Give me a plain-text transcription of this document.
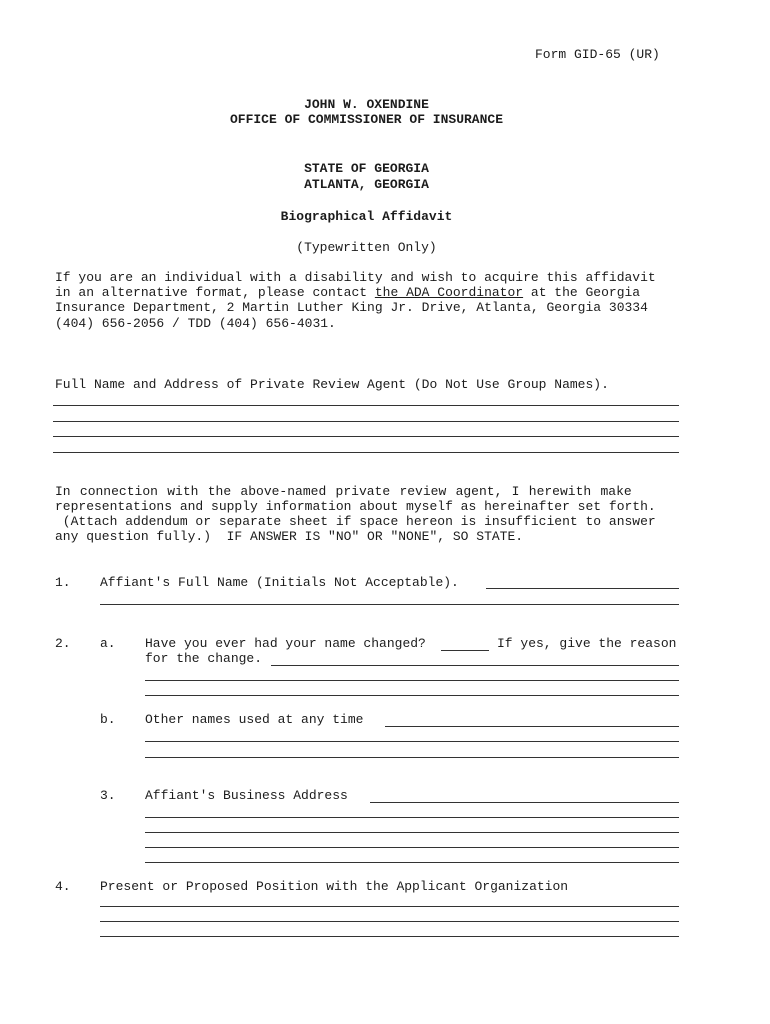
Form GID-65 (UR)
JOHN W. OXENDINE
OFFICE OF COMMISSIONER OF INSURANCE
STATE OF GEORGIA
ATLANTA, GEORGIA
Biographical Affidavit
(Typewritten Only)
If you are an individual with a disability and wish to acquire this affidavit
in an alternative format, please contact the ADA Coordinator at the Georgia
Insurance Department, 2 Martin Luther King Jr. Drive, Atlanta, Georgia 30334
(404) 656-2056 / TDD (404) 656-4031.
Full Name and Address of Private Review Agent (Do Not Use Group Names).
In connection with the above-named private review agent, I herewith make
representations and supply information about myself as hereinafter set forth.
(Attach addendum or separate sheet if space hereon is insufficient to answer
any question fully.)  IF ANSWER IS "NO" OR "NONE", SO STATE.
1. Affiant's Full Name (Initials Not Acceptable).
2. a. Have you ever had your name changed?	If yes, give the reason
for the change.
b. Other names used at any time
3. Affiant's Business Address
4. Present or Proposed Position with the Applicant Organization
